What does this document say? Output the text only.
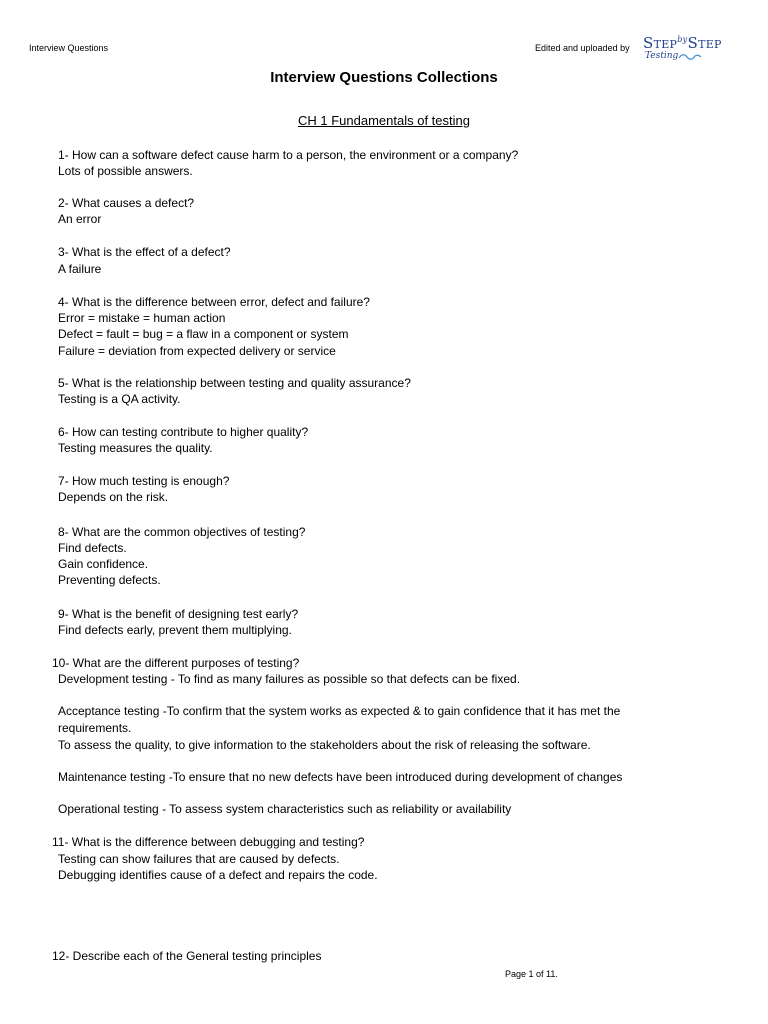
Interview Questions	Edited and uploaded by $STEP^{by}STEP$
Testing
Interview Questions Collections
CH 1 Fundamentals of testing
1- How can a software defect cause harm to a person, the environment or a company?
Lots of possible answers.
2- What causes a defect?
An error
3- What is the effect of a defect?
A failure
4- What is the difference between error, defect and failure?
Error = mistake = human action
Defect = fault = bug = a flaw in a component or system
Failure = deviation from expected delivery or service
5- What is the relationship between testing and quality assurance?
Testing is a QA activity.
6- How can testing contribute to higher quality?
Testing measures the quality.
7- How much testing is enough?
Depends on the risk.
8- What are the common objectives of testing?
Find defects.
Gain confidence.
Preventing defects.
9- What is the benefit of designing test early?
Find defects early, prevent them multiplying.
10- What are the different purposes of testing?
Development testing - To find as many failures as possible so that defects can be fixed.
Acceptance testing -To confirm that the system works as expected & to gain confidence that it has met the
requirements.
To assess the quality, to give information to the stakeholders about the risk of releasing the software.
Maintenance testing -To ensure that no new defects have been introduced during development of changes
Operational testing - To assess system characteristics such as reliability or availability
11- What is the difference between debugging and testing?
Testing can show failures that are caused by defects.
Debugging identifies cause of a defect and repairs the code.
12- Describe each of the General testing principles
Page 1 of 11.
